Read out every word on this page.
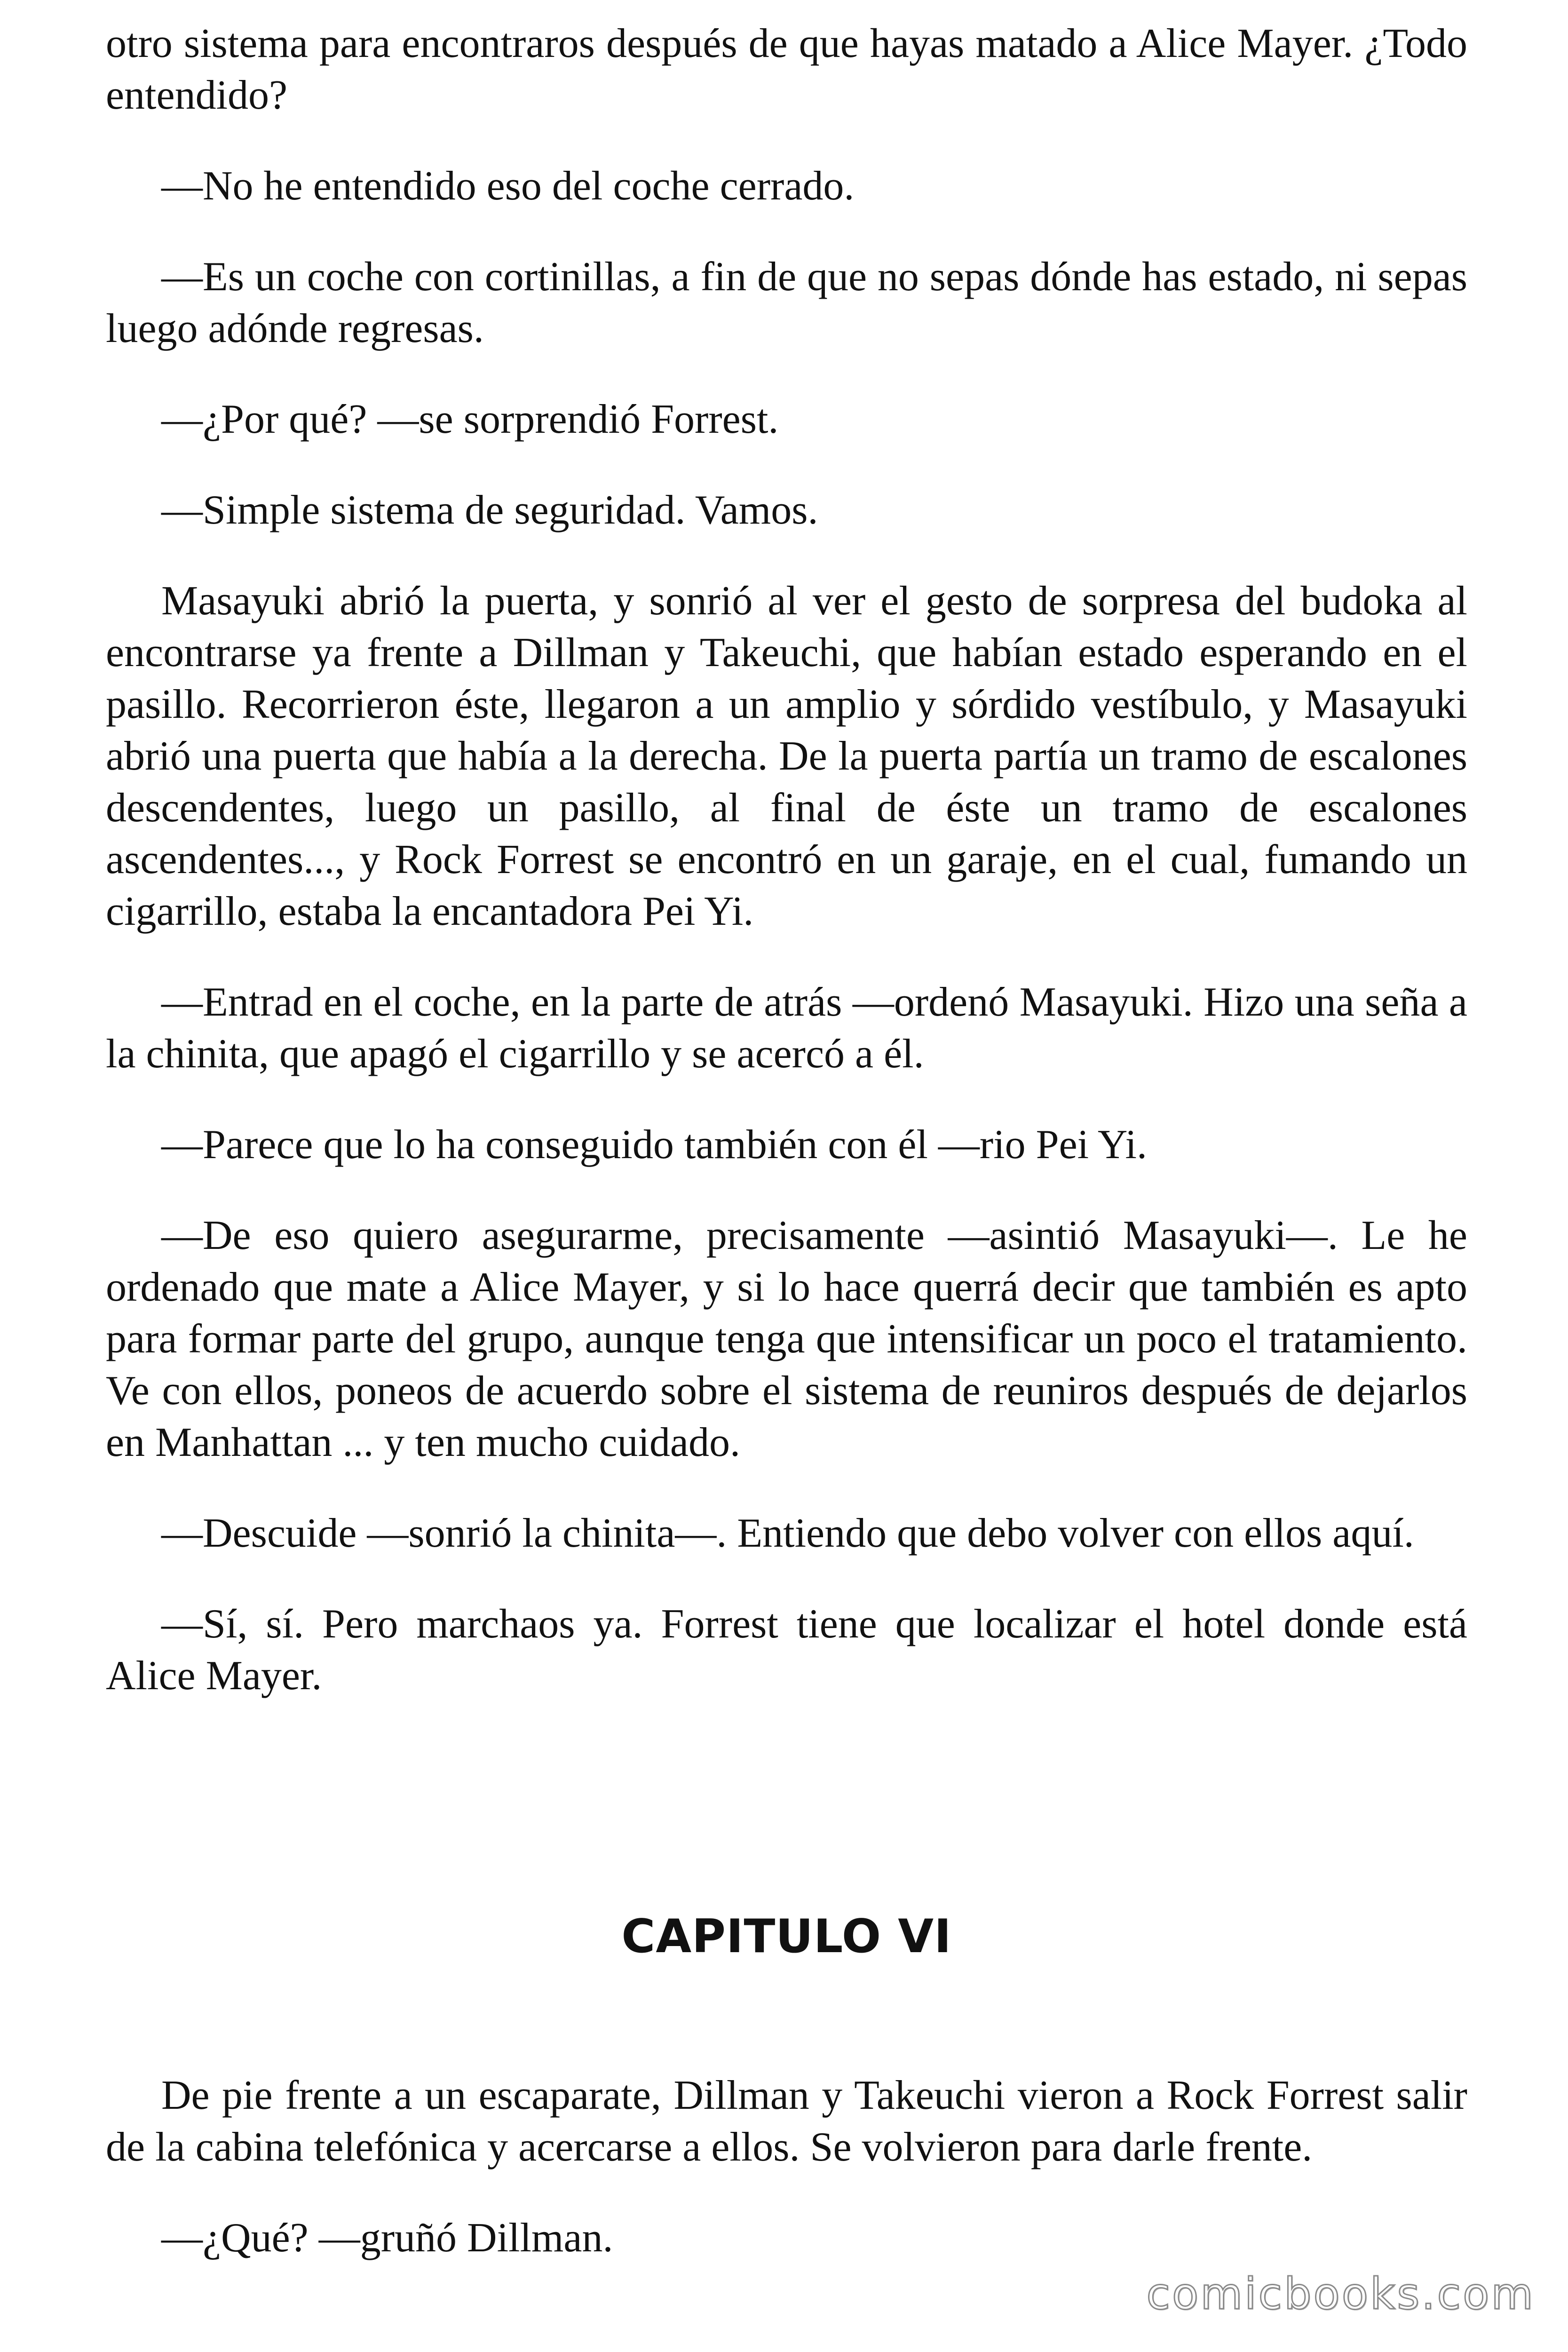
otro sistema para encontraros después de que hayas matado a Alice Mayer. ¿Todo entendido?

—No he entendido eso del coche cerrado.

—Es un coche con cortinillas, a fin de que no sepas dónde has estado, ni sepas luego adónde regresas.

—¿Por qué? —se sorprendió Forrest.

—Simple sistema de seguridad. Vamos.

Masayuki abrió la puerta, y sonrió al ver el gesto de sorpresa del budoka al encontrarse ya frente a Dillman y Takeuchi, que habían estado esperando en el pasillo. Recorrieron éste, llegaron a un amplio y sórdido vestíbulo, y Masayuki abrió una puerta que había a la derecha. De la puerta partía un tramo de escalones descendentes, luego un pasillo, al final de éste un tramo de escalones ascendentes..., y Rock Forrest se encontró en un garaje, en el cual, fumando un cigarrillo, estaba la encantadora Pei Yi.

—Entrad en el coche, en la parte de atrás —ordenó Masayuki. Hizo una seña a la chinita, que apagó el cigarrillo y se acercó a él.

—Parece que lo ha conseguido también con él —rio Pei Yi.

—De eso quiero asegurarme, precisamente —asintió Masayuki—. Le he ordenado que mate a Alice Mayer, y si lo hace querrá decir que también es apto para formar parte del grupo, aunque tenga que intensificar un poco el tratamiento. Ve con ellos, poneos de acuerdo sobre el sistema de reuniros después de dejarlos en Manhattan ... y ten mucho cuidado.

—Descuide —sonrió la chinita—. Entiendo que debo volver con ellos aquí.

—Sí, sí. Pero marchaos ya. Forrest tiene que localizar el hotel donde está Alice Mayer.

CAPITULO VI

De pie frente a un escaparate, Dillman y Takeuchi vieron a Rock Forrest salir de la cabina telefónica y acercarse a ellos. Se volvieron para darle frente.

—¿Qué? —gruñó Dillman.

comicbooks.com
